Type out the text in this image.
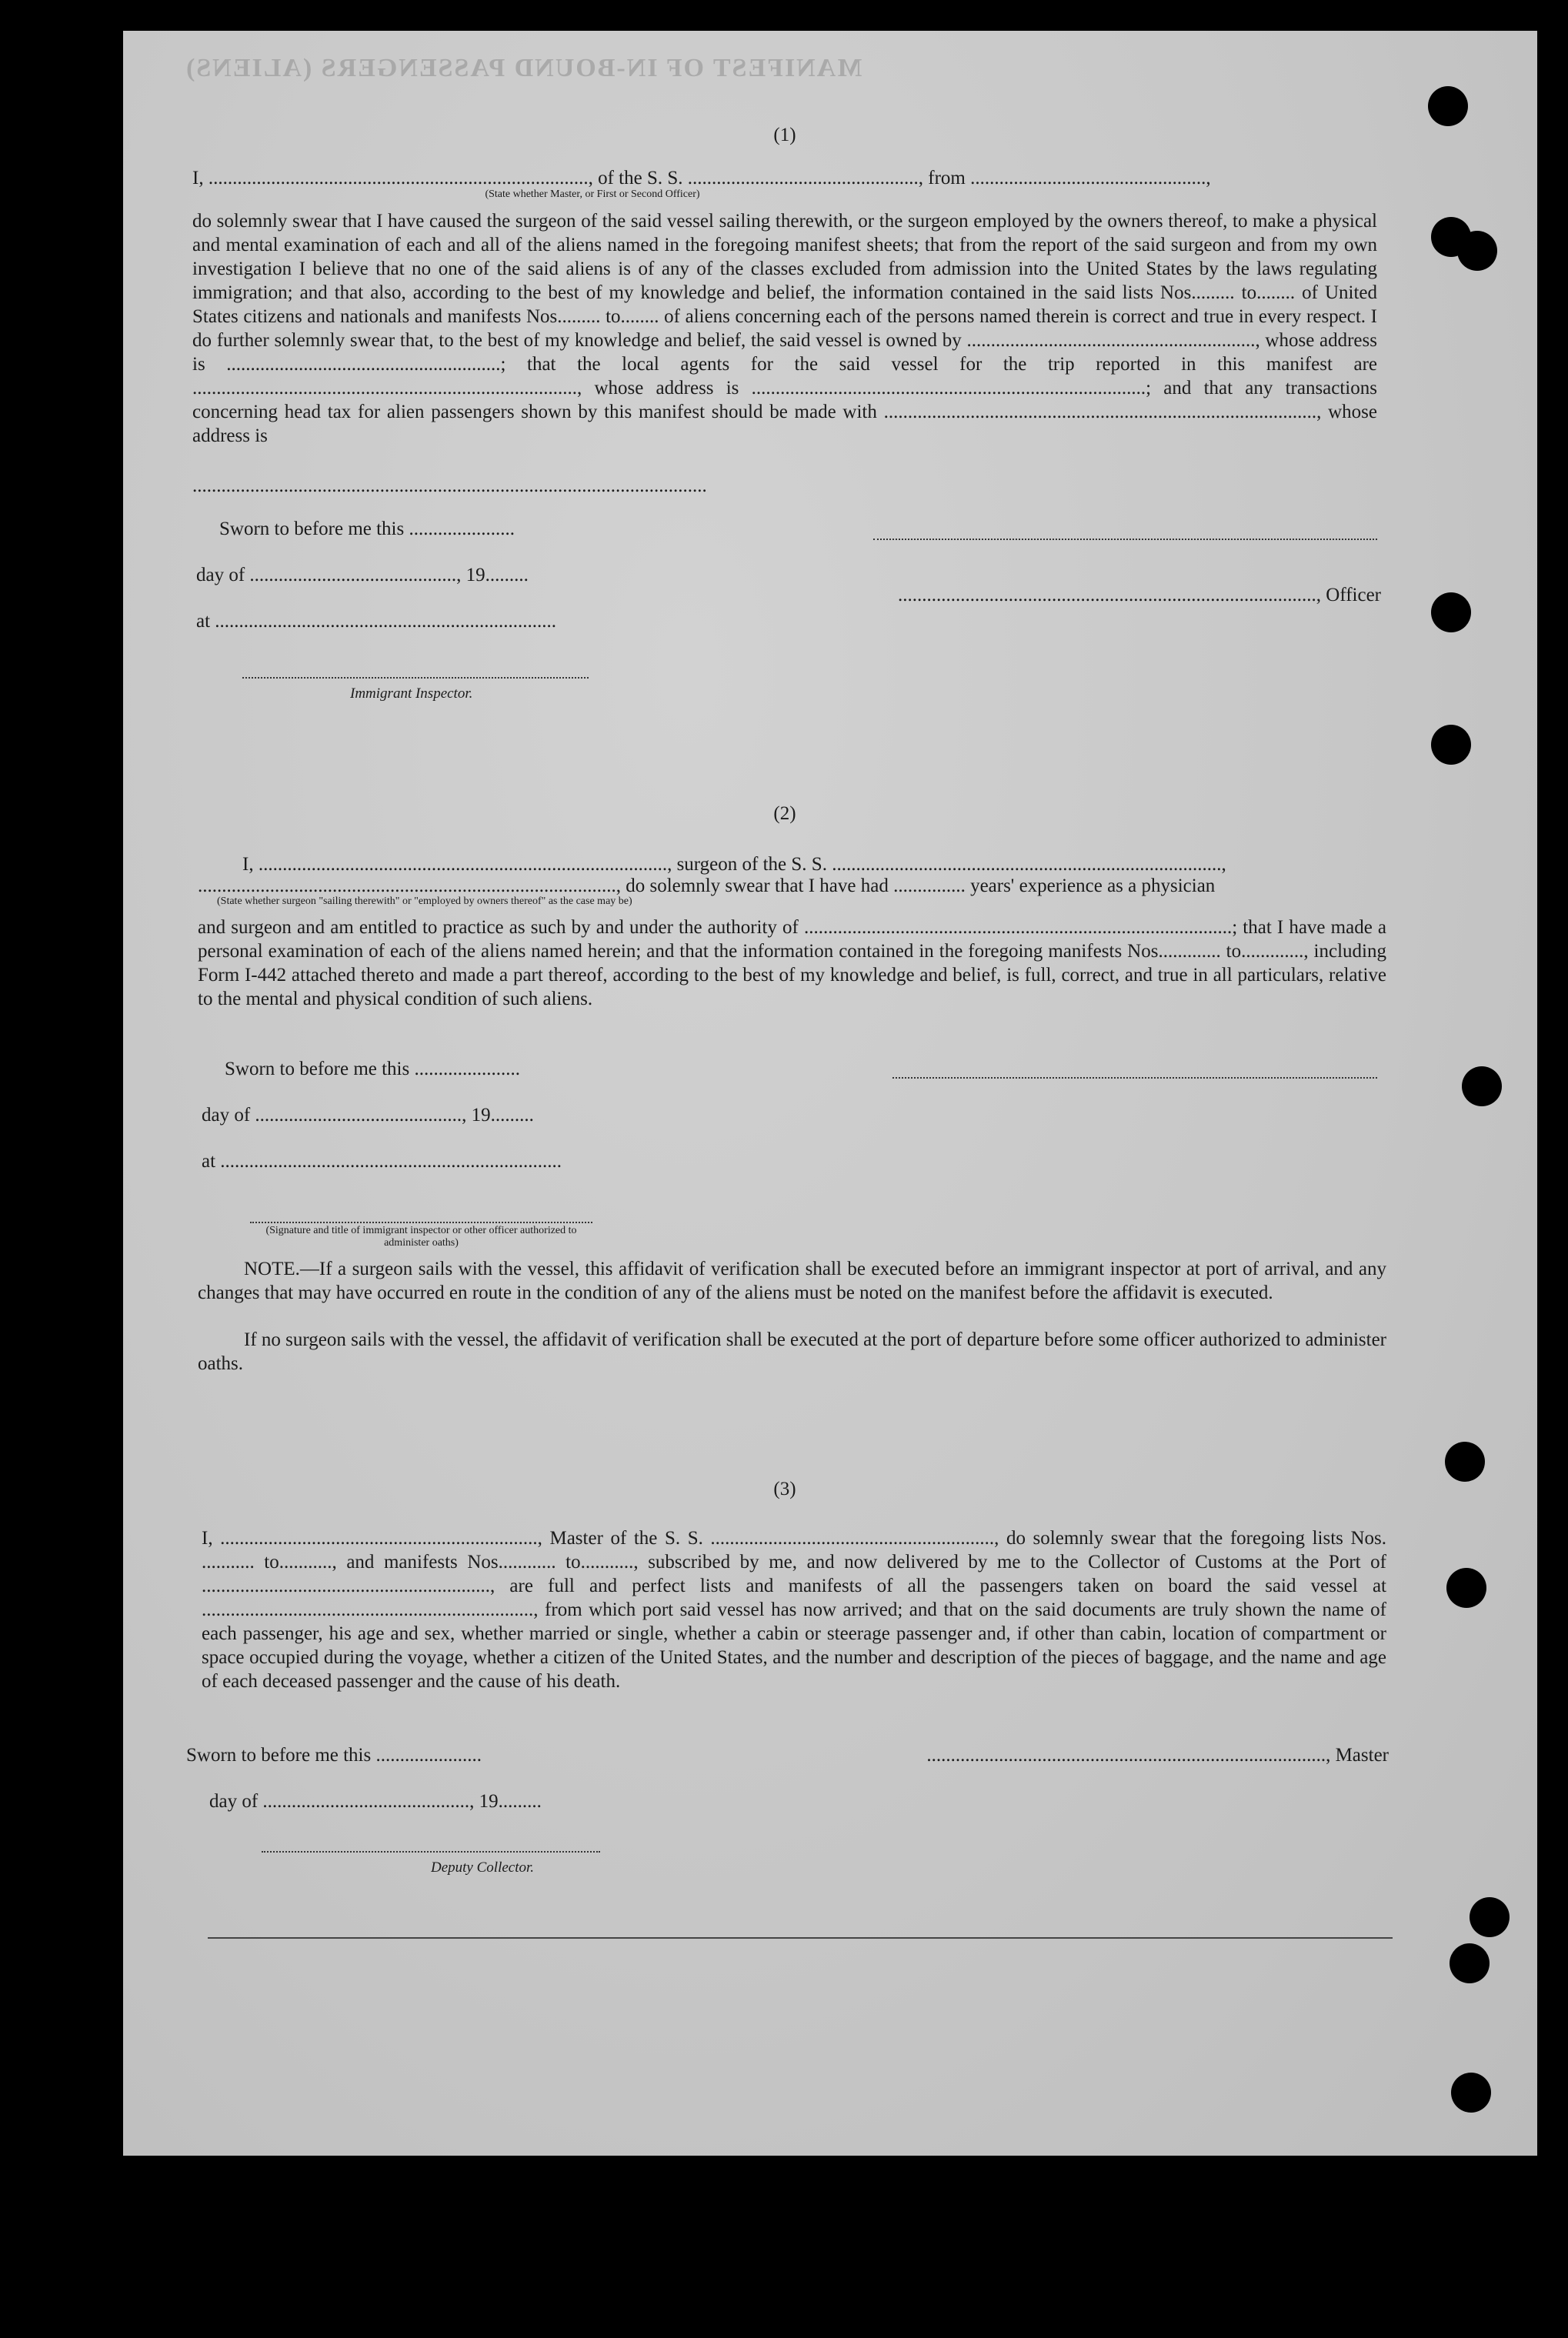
MANIFEST OF IN-BOUND PASSENGERS (ALIENS)
(1)
I, ..............................................................................., of the S. S. ................................................, from .................................................,
(State whether Master, or First or Second Officer)
do solemnly swear that I have caused the surgeon of the said vessel sailing therewith, or the surgeon employed by the owners thereof, to make a physical and mental examination of each and all of the aliens named in the foregoing manifest sheets; that from the report of the said surgeon and from my own investigation I believe that no one of the said aliens is of any of the classes excluded from admission into the United States by the laws regulating immigration; and that also, according to the best of my knowledge and belief, the information contained in the said lists Nos......... to........ of United States citizens and nationals and manifests Nos......... to........ of aliens concerning each of the persons named therein is correct and true in every respect. I do further solemnly swear that, to the best of my knowledge and belief, the said vessel is owned by ............................................................, whose address is .........................................................; that the local agents for the said vessel for the trip reported in this manifest are ................................................................................, whose address is ..................................................................................; and that any transactions concerning head tax for alien passengers shown by this manifest should be made with .........................................................................................., whose address is
...........................................................................................................
Sworn to before me this ......................
day of ..........................................., 19.........
......................................................................................., Officer
at .......................................................................
Immigrant Inspector.
(2)
I, ....................................................................................., surgeon of the S. S. .................................................................................,
......................................................................................., do solemnly swear that I have had ............... years' experience as a physician
(State whether surgeon "sailing therewith" or "employed by owners thereof" as the case may be)
and surgeon and am entitled to practice as such by and under the authority of .........................................................................................; that I have made a personal examination of each of the aliens named herein; and that the information contained in the foregoing manifests Nos............. to............., including Form I-442 attached thereto and made a part thereof, according to the best of my knowledge and belief, is full, correct, and true in all particulars, relative to the mental and physical condition of such aliens.
Sworn to before me this ......................
day of ..........................................., 19.........
at .......................................................................
(Signature and title of immigrant inspector or other officer authorized to administer oaths)
NOTE.—If a surgeon sails with the vessel, this affidavit of verification shall be executed before an immigrant inspector at port of arrival, and any changes that may have occurred en route in the condition of any of the aliens must be noted on the manifest before the affidavit is executed.
If no surgeon sails with the vessel, the affidavit of verification shall be executed at the port of departure before some officer authorized to administer oaths.
(3)
I, .................................................................., Master of the S. S. ..........................................................., do solemnly swear that the foregoing lists Nos. ........... to..........., and manifests Nos............ to..........., subscribed by me, and now delivered by me to the Collector of Customs at the Port of ............................................................, are full and perfect lists and manifests of all the passengers taken on board the said vessel at ....................................................................., from which port said vessel has now arrived; and that on the said documents are truly shown the name of each passenger, his age and sex, whether married or single, whether a cabin or steerage passenger and, if other than cabin, location of compartment or space occupied during the voyage, whether a citizen of the United States, and the number and description of the pieces of baggage, and the name and age of each deceased passenger and the cause of his death.
Sworn to before me this ......................	..................................................................................., Master
day of ..........................................., 19.........
Deputy Collector.
